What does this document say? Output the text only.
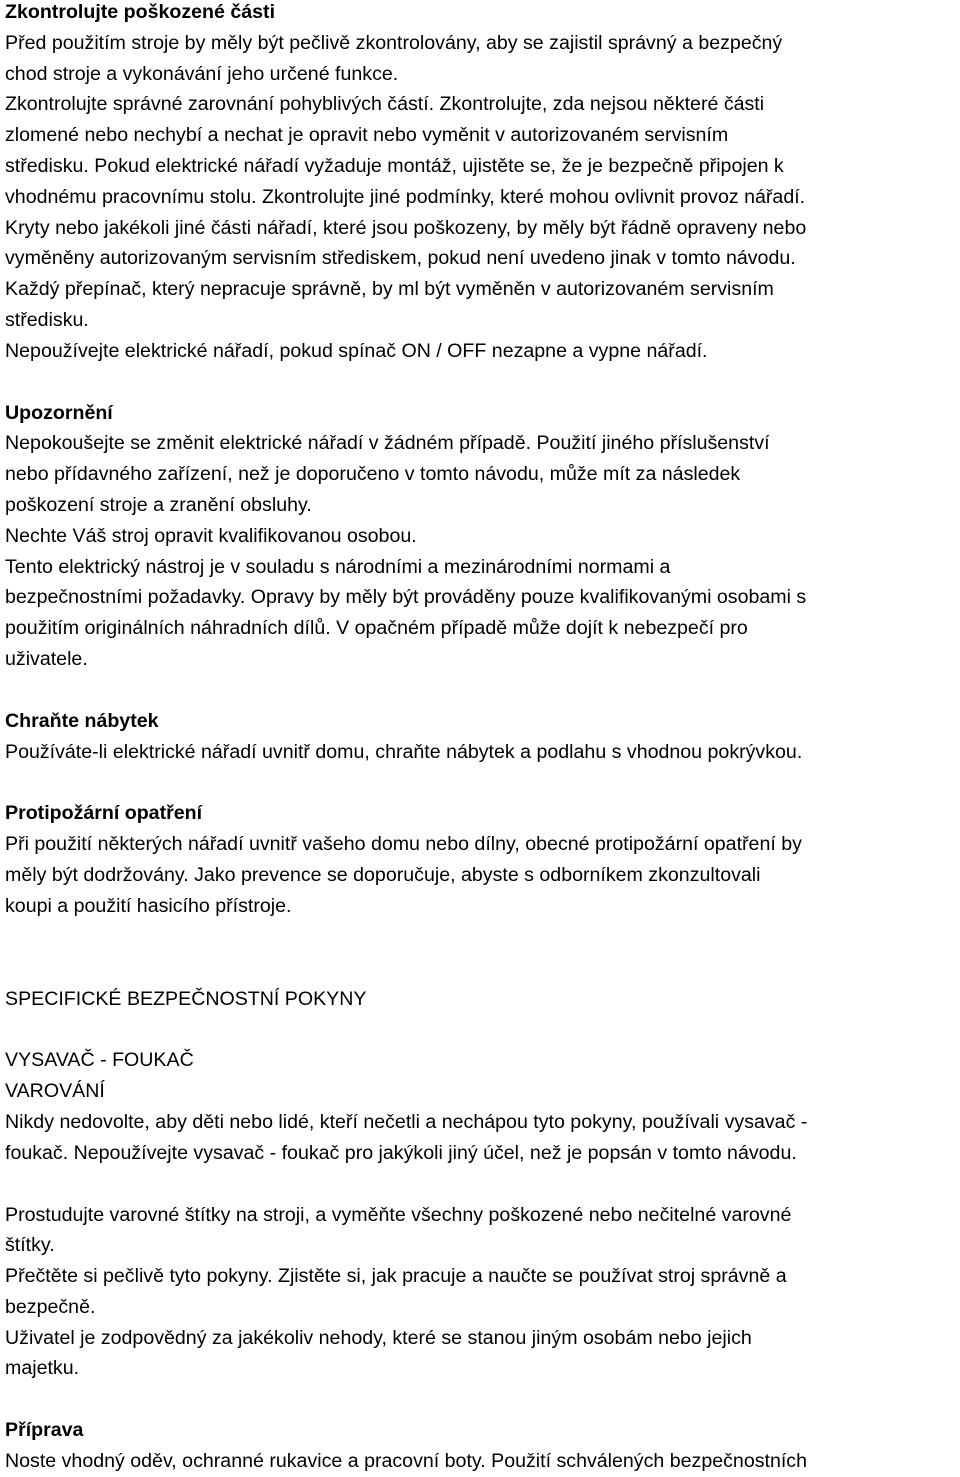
Zkontrolujte poškozené části

Před použitím stroje by měly být pečlivě zkontrolovány, aby se zajistil správný a bezpečný

chod stroje a vykonávání jeho určené funkce.

Zkontrolujte správné zarovnání pohyblivých částí. Zkontrolujte, zda nejsou některé části

zlomené nebo nechybí a nechat je opravit nebo vyměnit v autorizovaném servisním

středisku. Pokud elektrické nářadí vyžaduje montáž, ujistěte se, že je bezpečně připojen k

vhodnému pracovnímu stolu. Zkontrolujte jiné podmínky, které mohou ovlivnit provoz nářadí.

Kryty nebo jakékoli jiné části nářadí, které jsou poškozeny, by měly být řádně opraveny nebo

vyměněny autorizovaným servisním střediskem, pokud není uvedeno jinak v tomto návodu.

Každý přepínač, který nepracuje správně, by ml být vyměněn v autorizovaném servisním

středisku.

Nepoužívejte elektrické nářadí, pokud spínač ON / OFF nezapne a vypne nářadí.

Upozornění

Nepokoušejte se změnit elektrické nářadí v žádném případě. Použití jiného příslušenství

nebo přídavného zařízení, než je doporučeno v tomto návodu, může mít za následek

poškození stroje a zranění obsluhy.

Nechte Váš stroj opravit kvalifikovanou osobou.

Tento elektrický nástroj je v souladu s národními a mezinárodními normami a

bezpečnostními požadavky. Opravy by měly být prováděny pouze kvalifikovanými osobami s

použitím originálních náhradních dílů. V opačném případě může dojít k nebezpečí pro

uživatele.

Chraňte nábytek

Používáte-li elektrické nářadí uvnitř domu, chraňte nábytek a podlahu s vhodnou pokrývkou.

Protipožární opatření

Při použití některých nářadí uvnitř vašeho domu nebo dílny, obecné protipožární opatření by

měly být dodržovány. Jako prevence se doporučuje, abyste s odborníkem zkonzultovali

koupi a použití hasicího přístroje.

SPECIFICKÉ BEZPEČNOSTNÍ POKYNY

VYSAVAČ - FOUKAČ

VAROVÁNÍ

Nikdy nedovolte, aby děti nebo lidé, kteří nečetli a nechápou tyto pokyny, používali vysavač -

foukač. Nepoužívejte vysavač - foukač pro jakýkoli jiný účel, než je popsán v tomto návodu.

Prostudujte varovné štítky na stroji, a vyměňte všechny poškozené nebo nečitelné varovné

štítky.

Přečtěte si pečlivě tyto pokyny. Zjistěte si, jak pracuje a naučte se používat stroj správně a

bezpečně.

Uživatel je zodpovědný za jakékoliv nehody, které se stanou jiným osobám nebo jejich

majetku.

Příprava

Noste vhodný oděv, ochranné rukavice a pracovní boty. Použití schválených bezpečnostních
